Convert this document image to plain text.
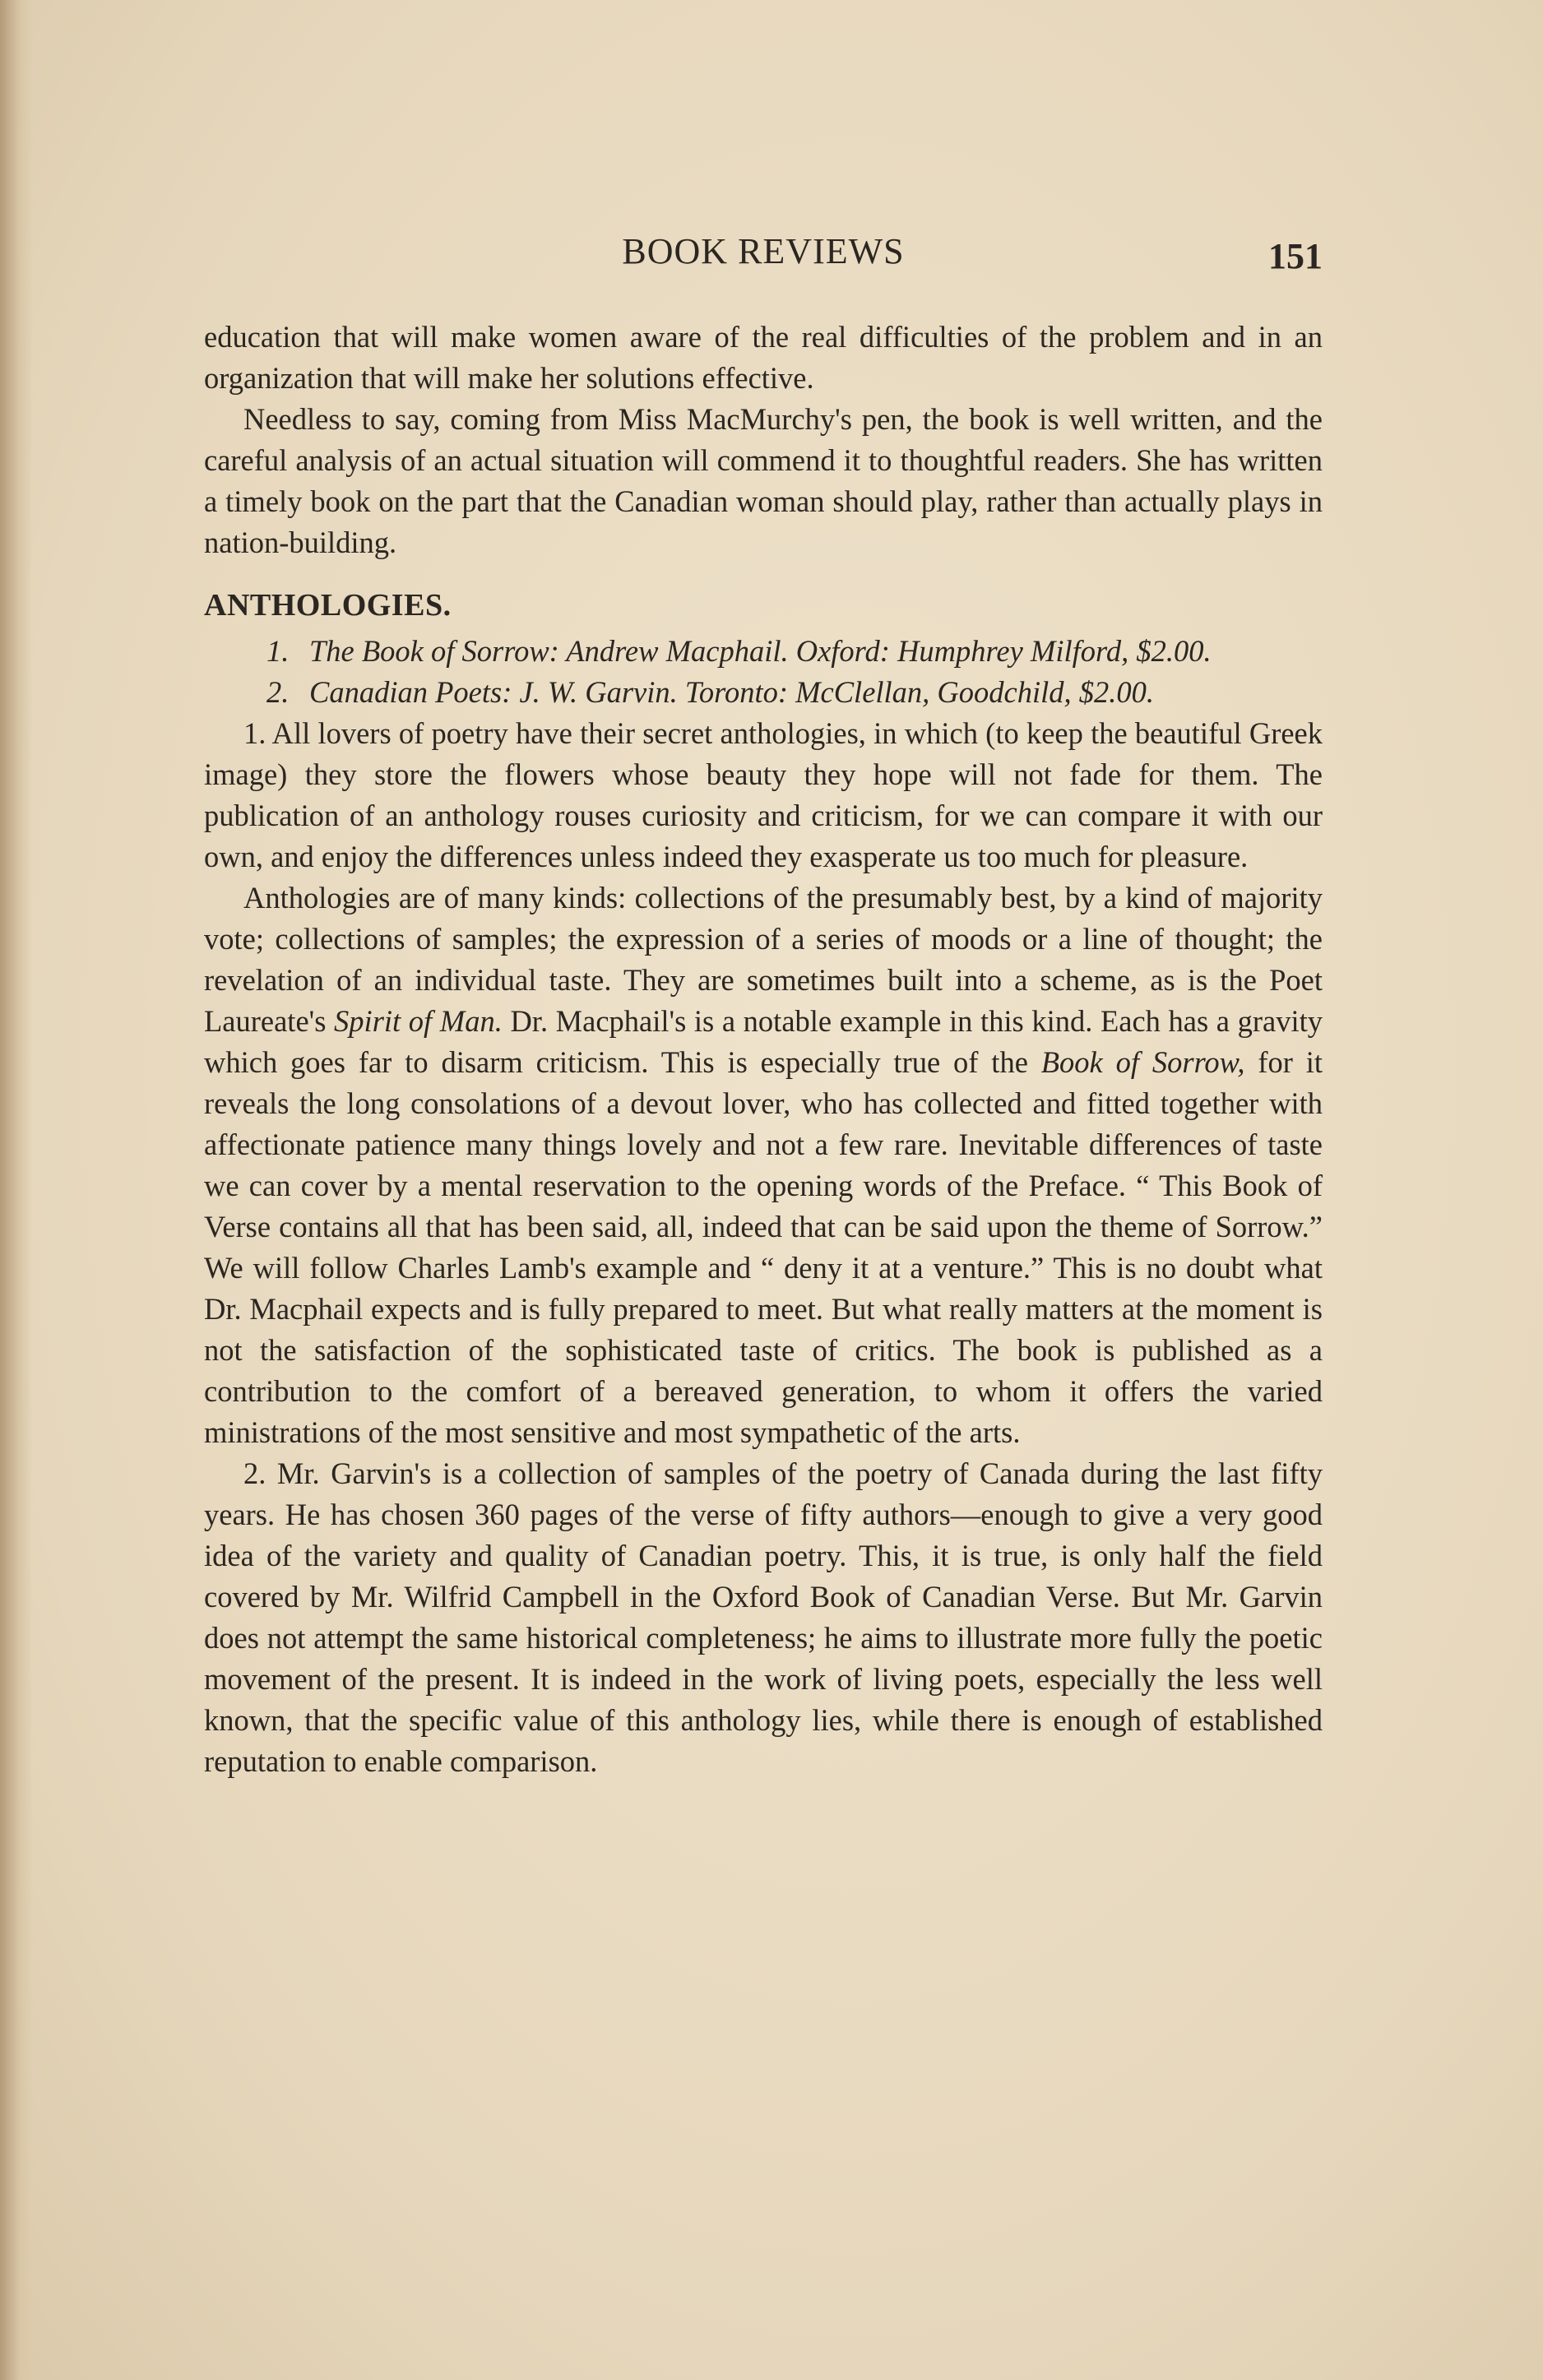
BOOK REVIEWS	151

education that will make women aware of the real difficulties of the problem and in an organization that will make her solutions effective.

Needless to say, coming from Miss MacMurchy's pen, the book is well written, and the careful analysis of an actual situation will commend it to thoughtful readers. She has written a timely book on the part that the Canadian woman should play, rather than actually plays in nation-building.

ANTHOLOGIES.
1. The Book of Sorrow: Andrew Macphail. Oxford: Humphrey Milford, $2.00.
2. Canadian Poets: J. W. Garvin. Toronto: McClellan, Goodchild, $2.00.

1. All lovers of poetry have their secret anthologies, in which (to keep the beautiful Greek image) they store the flowers whose beauty they hope will not fade for them. The publication of an anthology rouses curiosity and criticism, for we can compare it with our own, and enjoy the differences unless indeed they exasperate us too much for pleasure.

Anthologies are of many kinds: collections of the presumably best, by a kind of majority vote; collections of samples; the expression of a series of moods or a line of thought; the revelation of an individual taste. They are sometimes built into a scheme, as is the Poet Laureate's Spirit of Man. Dr. Macphail's is a notable example in this kind. Each has a gravity which goes far to disarm criticism. This is especially true of the Book of Sorrow, for it reveals the long consolations of a devout lover, who has collected and fitted together with affectionate patience many things lovely and not a few rare. Inevitable differences of taste we can cover by a mental reservation to the opening words of the Preface. “ This Book of Verse contains all that has been said, all, indeed that can be said upon the theme of Sorrow.” We will follow Charles Lamb's example and “ deny it at a venture.” This is no doubt what Dr. Macphail expects and is fully prepared to meet. But what really matters at the moment is not the satisfaction of the sophisticated taste of critics. The book is published as a contribution to the comfort of a bereaved generation, to whom it offers the varied ministrations of the most sensitive and most sympathetic of the arts.

2. Mr. Garvin's is a collection of samples of the poetry of Canada during the last fifty years. He has chosen 360 pages of the verse of fifty authors—enough to give a very good idea of the variety and quality of Canadian poetry. This, it is true, is only half the field covered by Mr. Wilfrid Campbell in the Oxford Book of Canadian Verse. But Mr. Garvin does not attempt the same historical completeness; he aims to illustrate more fully the poetic movement of the present. It is indeed in the work of living poets, especially the less well known, that the specific value of this anthology lies, while there is enough of established reputation to enable comparison.
